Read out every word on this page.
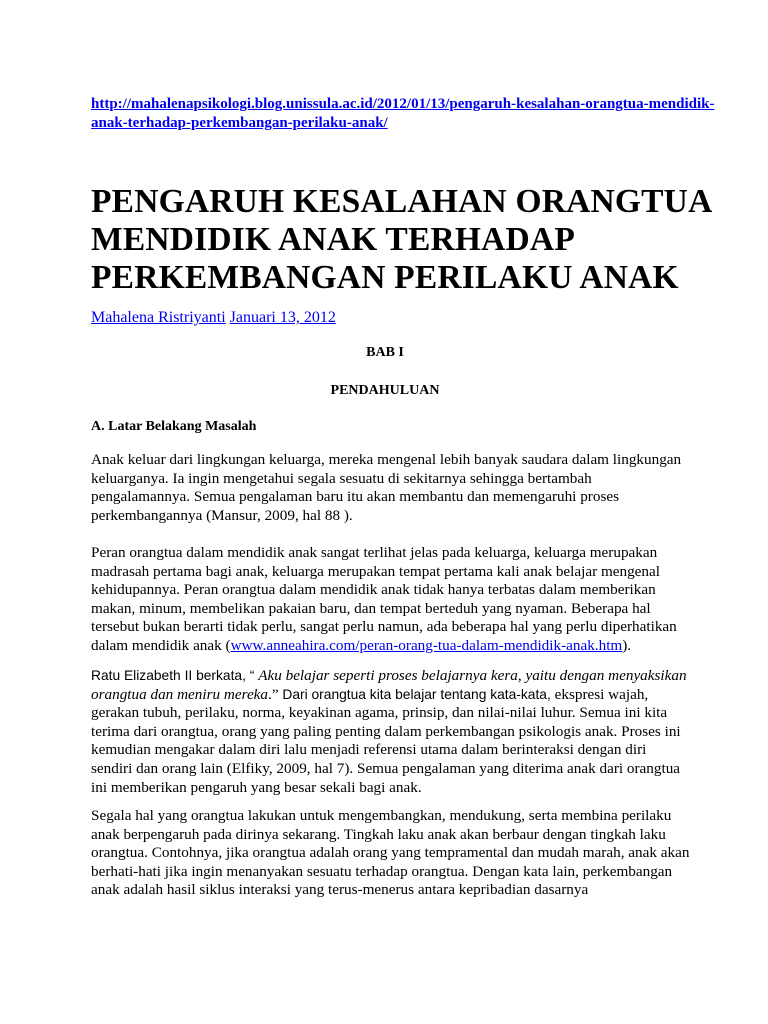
http://mahalenapsikologi.blog.unissula.ac.id/2012/01/13/pengaruh-kesalahan-orangtua-mendidik-anak-terhadap-perkembangan-perilaku-anak/
PENGARUH KESALAHAN ORANGTUA MENDIDIK ANAK TERHADAP PERKEMBANGAN PERILAKU ANAK
Mahalena Ristriyanti Januari 13, 2012
BAB I
PENDAHULUAN
A. Latar Belakang Masalah

Anak keluar dari lingkungan keluarga, mereka mengenal lebih banyak saudara dalam lingkungan keluarganya. Ia ingin mengetahui segala sesuatu di sekitarnya sehingga bertambah pengalamannya. Semua pengalaman baru itu akan membantu dan memengaruhi proses perkembangannya (Mansur, 2009, hal 88 ).

Peran orangtua dalam mendidik anak sangat terlihat jelas pada keluarga, keluarga merupakan madrasah pertama bagi anak, keluarga merupakan tempat pertama kali anak belajar mengenal kehidupannya. Peran orangtua dalam mendidik anak tidak hanya terbatas dalam memberikan makan, minum, membelikan pakaian baru, dan tempat berteduh yang nyaman. Beberapa hal tersebut bukan berarti tidak perlu, sangat perlu namun, ada beberapa hal yang perlu diperhatikan dalam mendidik anak (www.anneahira.com/peran-orang-tua-dalam-mendidik-anak.htm).

Ratu Elizabeth II berkata, “ Aku belajar seperti proses belajarnya kera, yaitu dengan menyaksikan orangtua dan meniru mereka.” Dari orangtua kita belajar tentang kata-kata, ekspresi wajah, gerakan tubuh, perilaku, norma, keyakinan agama, prinsip, dan nilai-nilai luhur. Semua ini kita terima dari orangtua, orang yang paling penting dalam perkembangan psikologis anak. Proses ini kemudian mengakar dalam diri lalu menjadi referensi utama dalam berinteraksi dengan diri sendiri dan orang lain (Elfiky, 2009, hal 7). Semua pengalaman yang diterima anak dari orangtua ini memberikan pengaruh yang besar sekali bagi anak.

Segala hal yang orangtua lakukan untuk mengembangkan, mendukung, serta membina perilaku anak berpengaruh pada dirinya sekarang. Tingkah laku anak akan berbaur dengan tingkah laku orangtua. Contohnya, jika orangtua adalah orang yang tempramental dan mudah marah, anak akan berhati-hati jika ingin menanyakan sesuatu terhadap orangtua. Dengan kata lain, perkembangan anak adalah hasil siklus interaksi yang terus-menerus antara kepribadian dasarnya
